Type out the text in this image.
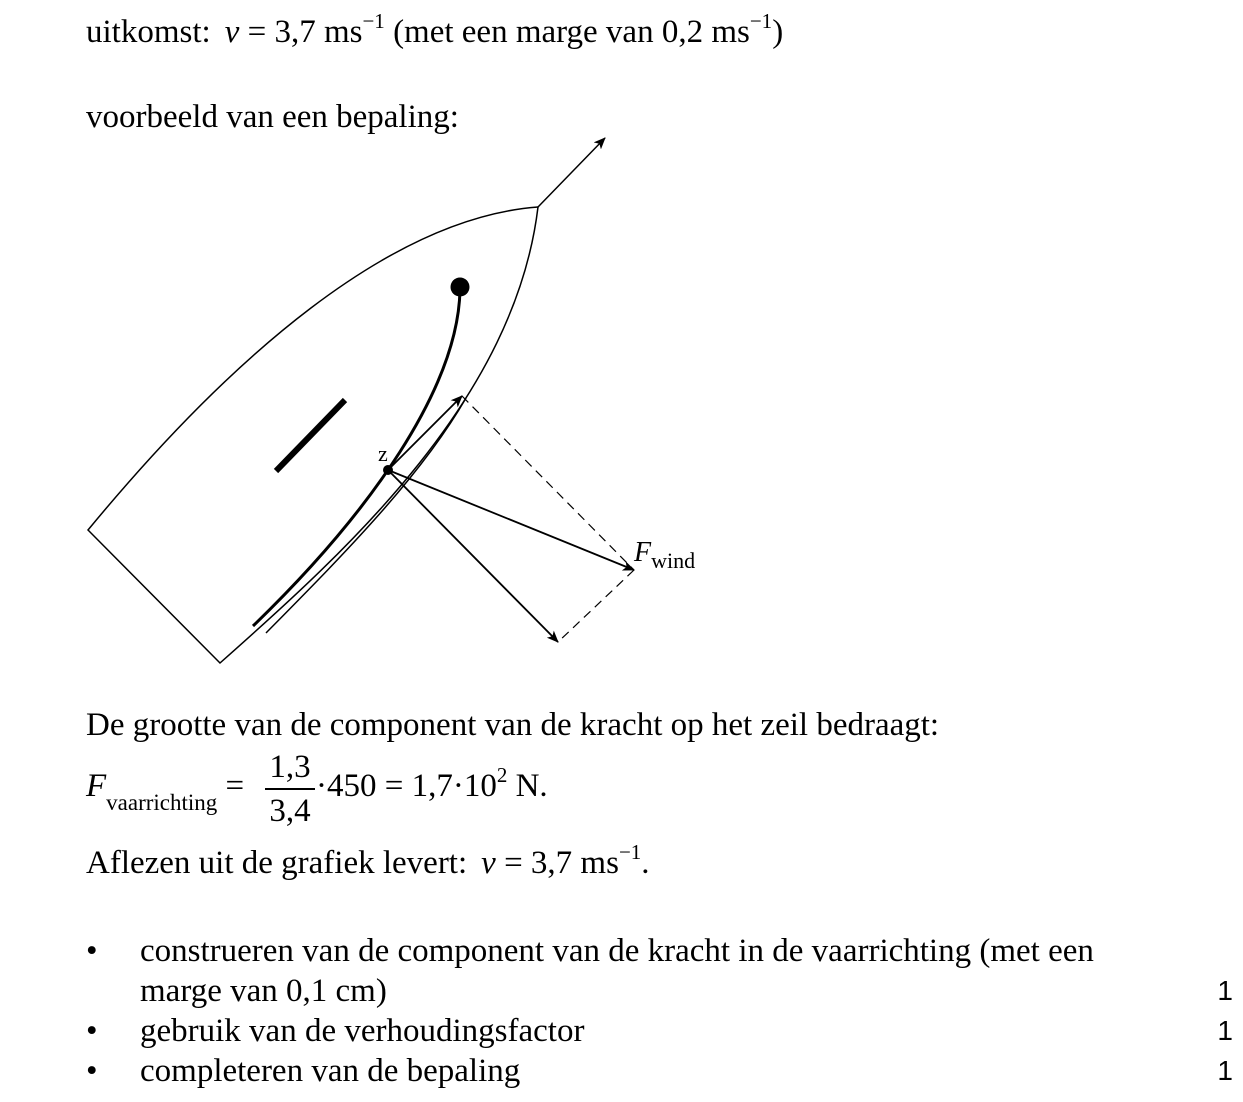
uitkomst: v = 3,7 $ms^{-1}$ (met een marge van 0,2 $ms^{-1}$)
voorbeeld van een bepaling:
z
$F_{wind}$
De grootte van de component van de kracht op het zeil bedraagt:
$F_{vaarrichting}$ =
1,3
3,4
$\cdot 450 = 1,7\cdot 10^2$ N.
Aflezen uit de grafiek levert: v = 3,7 $ms^{-1}$.
• construeren van de component van de kracht in de vaarrichting (met een
marge van 0,1 cm)	1
• gebruik van de verhoudingsfactor	1
• completeren van de bepaling	1
